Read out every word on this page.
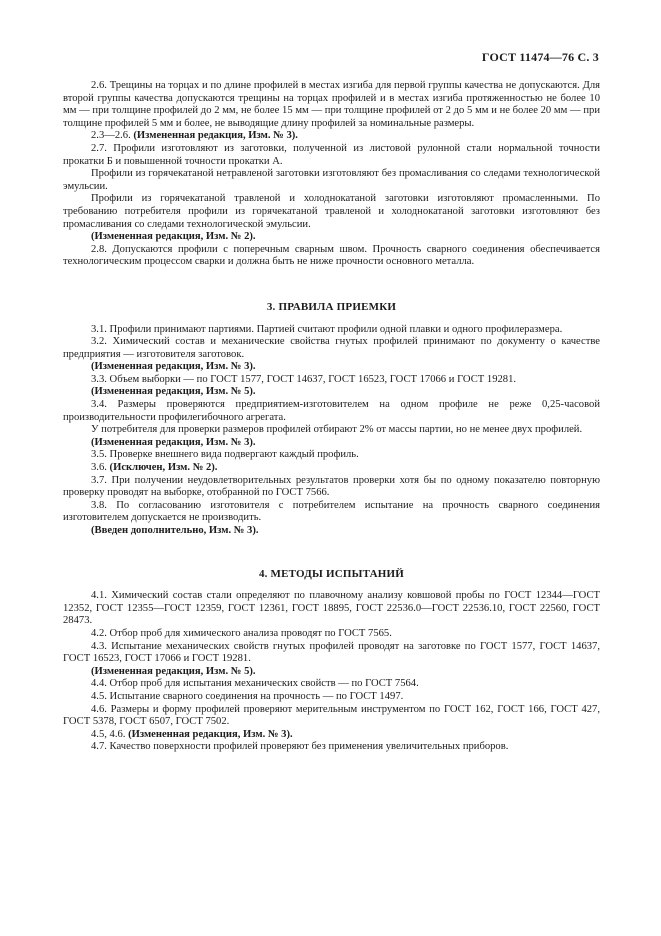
ГОСТ 11474—76 С. 3

2.6. Трещины на торцах и по длине профилей в местах изгиба для первой группы качества не допускаются. Для второй группы качества допускаются трещины на торцах профилей и в местах изгиба протяженностью не более 10 мм — при толщине профилей до 2 мм, не более 15 мм — при толщине профилей от 2 до 5 мм и не более 20 мм — при толщине профилей 5 мм и более, не выводящие длину профилей за номинальные размеры.

2.3—2.6. (Измененная редакция, Изм. № 3).

2.7. Профили изготовляют из заготовки, полученной из листовой рулонной стали нормальной точности прокатки Б и повышенной точности прокатки А.

Профили из горячекатаной нетравленой заготовки изготовляют без промасливания со следами технологической эмульсии.

Профили из горячекатаной травленой и холоднокатаной заготовки изготовляют промасленными. По требованию потребителя профили из горячекатаной травленой и холоднокатаной заготовки изготовляют без промасливания со следами технологической эмульсии.

(Измененная редакция, Изм. № 2).

2.8. Допускаются профили с поперечным сварным швом. Прочность сварного соединения обеспечивается технологическим процессом сварки и должна быть не ниже прочности основного металла.

3. ПРАВИЛА ПРИЕМКИ

3.1. Профили принимают партиями. Партией считают профили одной плавки и одного профилеразмера.

3.2. Химический состав и механические свойства гнутых профилей принимают по документу о качестве предприятия — изготовителя заготовок.

(Измененная редакция, Изм. № 3).

3.3. Объем выборки — по ГОСТ 1577, ГОСТ 14637, ГОСТ 16523, ГОСТ 17066 и ГОСТ 19281.

(Измененная редакция, Изм. № 5).

3.4. Размеры проверяются предприятием-изготовителем на одном профиле не реже 0,25-часовой производительности профилегибочного агрегата.

У потребителя для проверки размеров профилей отбирают 2% от массы партии, но не менее двух профилей.

(Измененная редакция, Изм. № 3).

3.5. Проверке внешнего вида подвергают каждый профиль.

3.6. (Исключен, Изм. № 2).

3.7. При получении неудовлетворительных результатов проверки хотя бы по одному показателю повторную проверку проводят на выборке, отобранной по ГОСТ 7566.

3.8. По согласованию изготовителя с потребителем испытание на прочность сварного соединения изготовителем допускается не производить.

(Введен дополнительно, Изм. № 3).

4. МЕТОДЫ ИСПЫТАНИЙ

4.1. Химический состав стали определяют по плавочному анализу ковшовой пробы по ГОСТ 12344—ГОСТ 12352, ГОСТ 12355—ГОСТ 12359, ГОСТ 12361, ГОСТ 18895, ГОСТ 22536.0—ГОСТ 22536.10, ГОСТ 22560, ГОСТ 28473.

4.2. Отбор проб для химического анализа проводят по ГОСТ 7565.

4.3. Испытание механических свойств гнутых профилей проводят на заготовке по ГОСТ 1577, ГОСТ 14637, ГОСТ 16523, ГОСТ 17066 и ГОСТ 19281.

(Измененная редакция, Изм. № 5).

4.4. Отбор проб для испытания механических свойств — по ГОСТ 7564.

4.5. Испытание сварного соединения на прочность — по ГОСТ 1497.

4.6. Размеры и форму профилей проверяют мерительным инструментом по ГОСТ 162, ГОСТ 166, ГОСТ 427, ГОСТ 5378, ГОСТ 6507, ГОСТ 7502.

4.5, 4.6. (Измененная редакция, Изм. № 3).

4.7. Качество поверхности профилей проверяют без применения увеличительных приборов.
